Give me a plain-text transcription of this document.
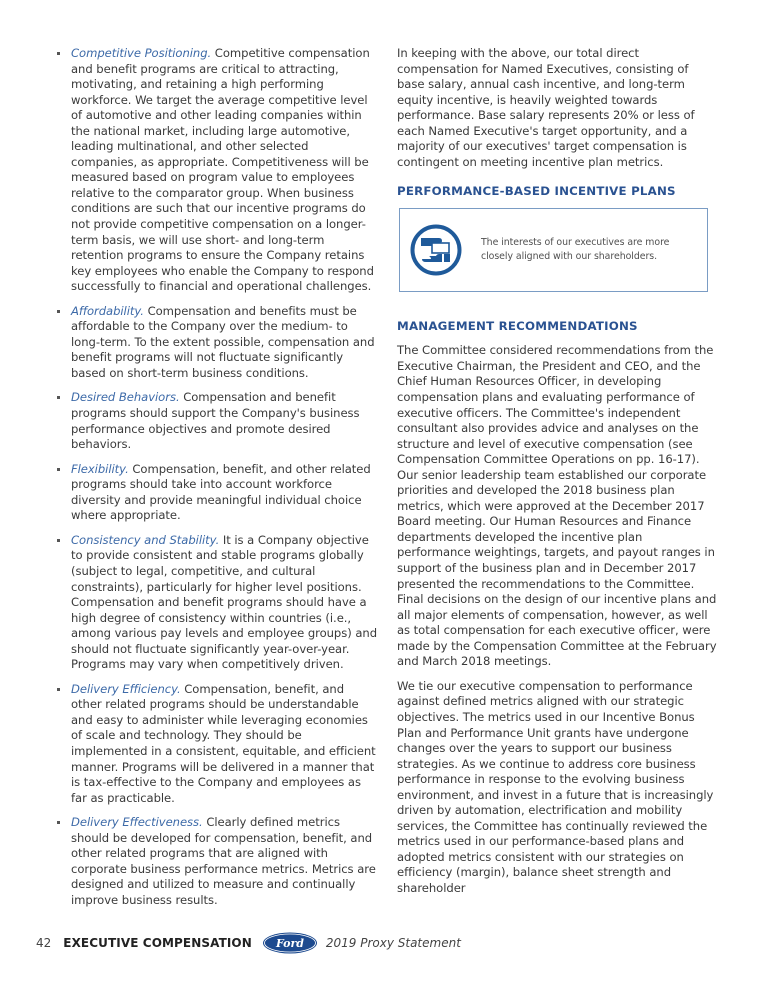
Competitive Positioning. Competitive compensation and benefit programs are critical to attracting, motivating, and retaining a high performing workforce. We target the average competitive level of automotive and other leading companies within the national market, including large automotive, leading multinational, and other selected companies, as appropriate. Competitiveness will be measured based on program value to employees relative to the comparator group. When business conditions are such that our incentive programs do not provide competitive compensation on a longer-term basis, we will use short- and long-term retention programs to ensure the Company retains key employees who enable the Company to respond successfully to financial and operational challenges.
Affordability. Compensation and benefits must be affordable to the Company over the medium- to long-term. To the extent possible, compensation and benefit programs will not fluctuate significantly based on short-term business conditions.
Desired Behaviors. Compensation and benefit programs should support the Company's business performance objectives and promote desired behaviors.
Flexibility. Compensation, benefit, and other related programs should take into account workforce diversity and provide meaningful individual choice where appropriate.
Consistency and Stability. It is a Company objective to provide consistent and stable programs globally (subject to legal, competitive, and cultural constraints), particularly for higher level positions. Compensation and benefit programs should have a high degree of consistency within countries (i.e., among various pay levels and employee groups) and should not fluctuate significantly year-over-year. Programs may vary when competitively driven.
Delivery Efficiency. Compensation, benefit, and other related programs should be understandable and easy to administer while leveraging economies of scale and technology. They should be implemented in a consistent, equitable, and efficient manner. Programs will be delivered in a manner that is tax-effective to the Company and employees as far as practicable.
Delivery Effectiveness. Clearly defined metrics should be developed for compensation, benefit, and other related programs that are aligned with corporate business performance metrics. Metrics are designed and utilized to measure and continually improve business results.

In keeping with the above, our total direct compensation for Named Executives, consisting of base salary, annual cash incentive, and long-term equity incentive, is heavily weighted towards performance. Base salary represents 20% or less of each Named Executive's target opportunity, and a majority of our executives' target compensation is contingent on meeting incentive plan metrics.

PERFORMANCE-BASED INCENTIVE PLANS
The interests of our executives are more closely aligned with our shareholders.
MANAGEMENT RECOMMENDATIONS

The Committee considered recommendations from the Executive Chairman, the President and CEO, and the Chief Human Resources Officer, in developing compensation plans and evaluating performance of executive officers. The Committee's independent consultant also provides advice and analyses on the structure and level of executive compensation (see Compensation Committee Operations on pp. 16-17). Our senior leadership team established our corporate priorities and developed the 2018 business plan metrics, which were approved at the December 2017 Board meeting. Our Human Resources and Finance departments developed the incentive plan performance weightings, targets, and payout ranges in support of the business plan and in December 2017 presented the recommendations to the Committee. Final decisions on the design of our incentive plans and all major elements of compensation, however, as well as total compensation for each executive officer, were made by the Compensation Committee at the February and March 2018 meetings.

We tie our executive compensation to performance against defined metrics aligned with our strategic objectives. The metrics used in our Incentive Bonus Plan and Performance Unit grants have undergone changes over the years to support our business strategies. As we continue to address core business performance in response to the evolving business environment, and invest in a future that is increasingly driven by automation, electrification and mobility services, the Committee has continually reviewed the metrics used in our performance-based plans and adopted metrics consistent with our strategies on efficiency (margin), balance sheet strength and shareholder

42 EXECUTIVE COMPENSATION Ford 2019 Proxy Statement
